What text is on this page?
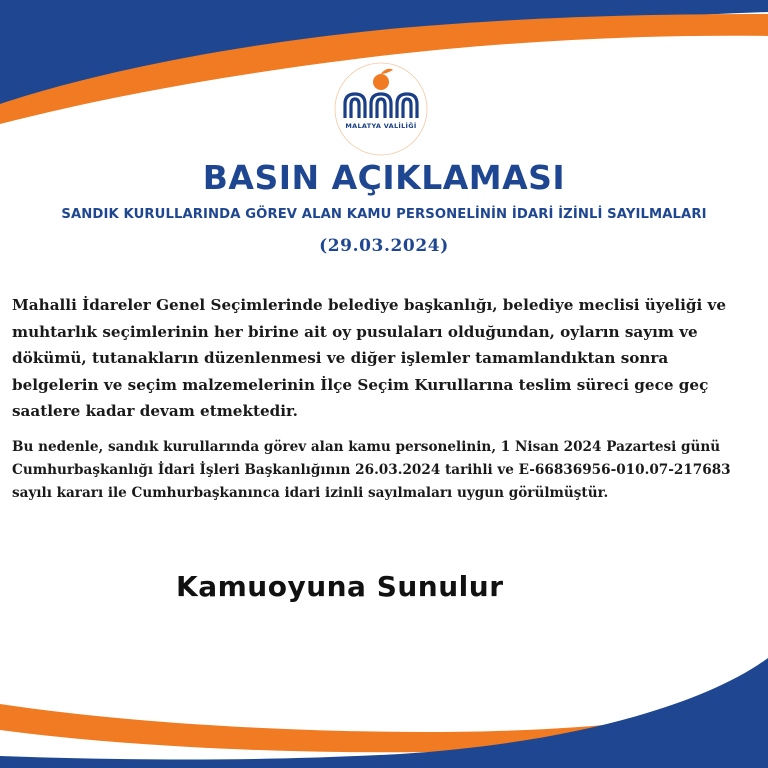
MALATYA VALİLİĞİ
BASIN AÇIKLAMASI
SANDIK KURULLARINDA GÖREV ALAN KAMU PERSONELİNİN İDARİ İZİNLİ SAYILMALARI
(29.03.2024)
Mahalli İdareler Genel Seçimlerinde belediye başkanlığı, belediye meclisi üyeliği ve muhtarlık seçimlerinin her birine ait oy pusulaları olduğundan, oyların sayım ve dökümü, tutanakların düzenlenmesi ve diğer işlemler tamamlandıktan sonra belgelerin ve seçim malzemelerinin İlçe Seçim Kurullarına teslim süreci gece geç saatlere kadar devam etmektedir.
Bu nedenle, sandık kurullarında görev alan kamu personelinin, 1 Nisan 2024 Pazartesi günü Cumhurbaşkanlığı İdari İşleri Başkanlığının 26.03.2024 tarihli ve E-66836956-010.07-217683 sayılı kararı ile Cumhurbaşkanınca idari izinli sayılmaları uygun görülmüştür.
Kamuoyuna Sunulur
